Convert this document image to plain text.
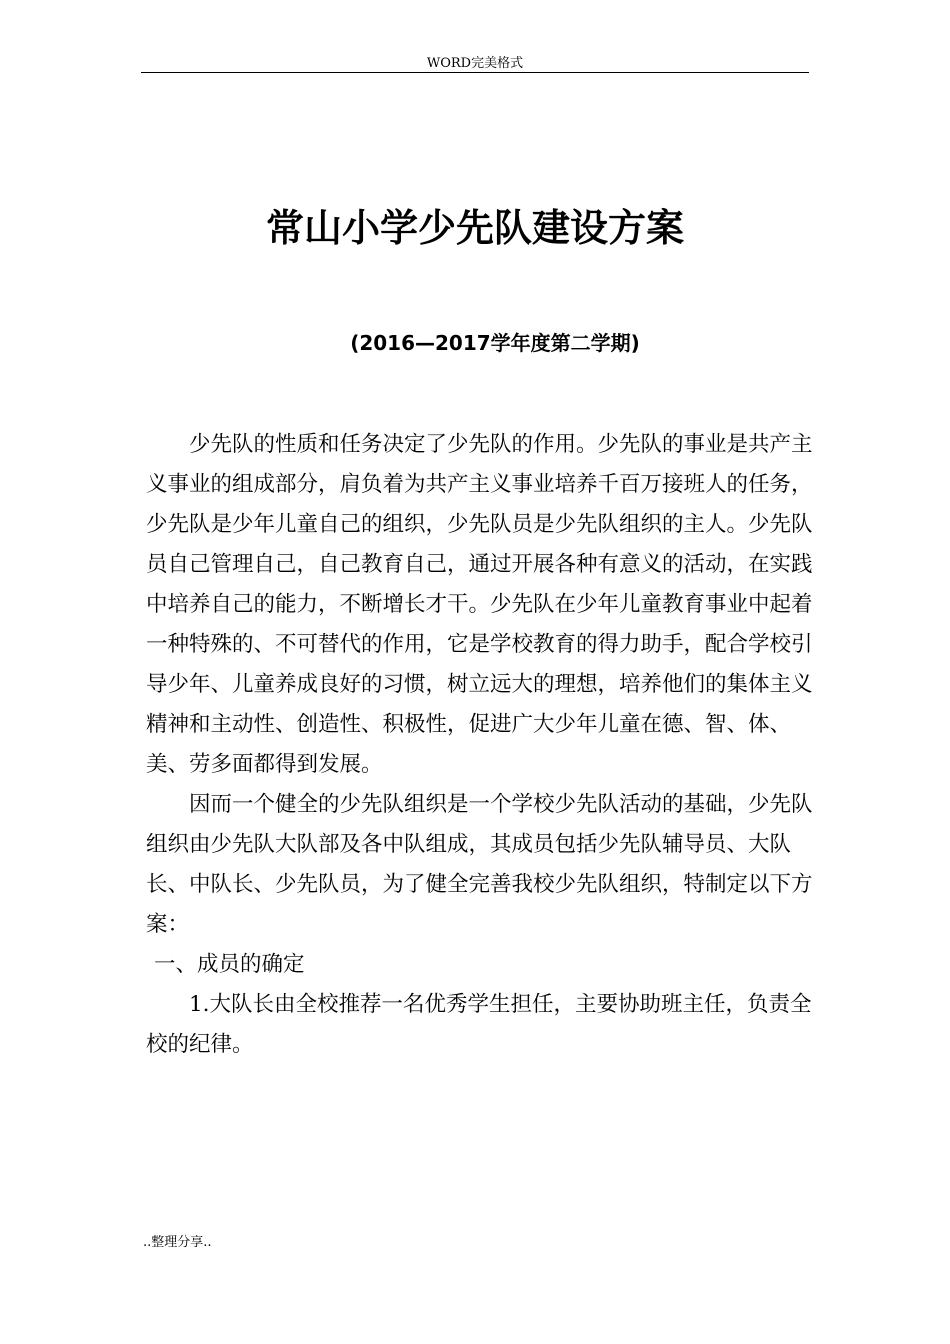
WORD完美格式
常山小学少先队建设方案
(2016—2017学年度第二学期)

少先队的性质和任务决定了少先队的作用。少先队的事业是共产主义事业的组成部分，肩负着为共产主义事业培养千百万接班人的任务，少先队是少年儿童自己的组织，少先队员是少先队组织的主人。少先队员自己管理自己，自己教育自己，通过开展各种有意义的活动，在实践中培养自己的能力，不断增长才干。少先队在少年儿童教育事业中起着一种特殊的、不可替代的作用，它是学校教育的得力助手，配合学校引导少年、儿童养成良好的习惯，树立远大的理想，培养他们的集体主义精神和主动性、创造性、积极性，促进广大少年儿童在德、智、体、美、劳多面都得到发展。

因而一个健全的少先队组织是一个学校少先队活动的基础，少先队组织由少先队大队部及各中队组成，其成员包括少先队辅导员、大队长、中队长、少先队员，为了健全完善我校少先队组织，特制定以下方案：

一、成员的确定

1.大队长由全校推荐一名优秀学生担任，主要协助班主任，负责全校的纪律。

..整理分享..
